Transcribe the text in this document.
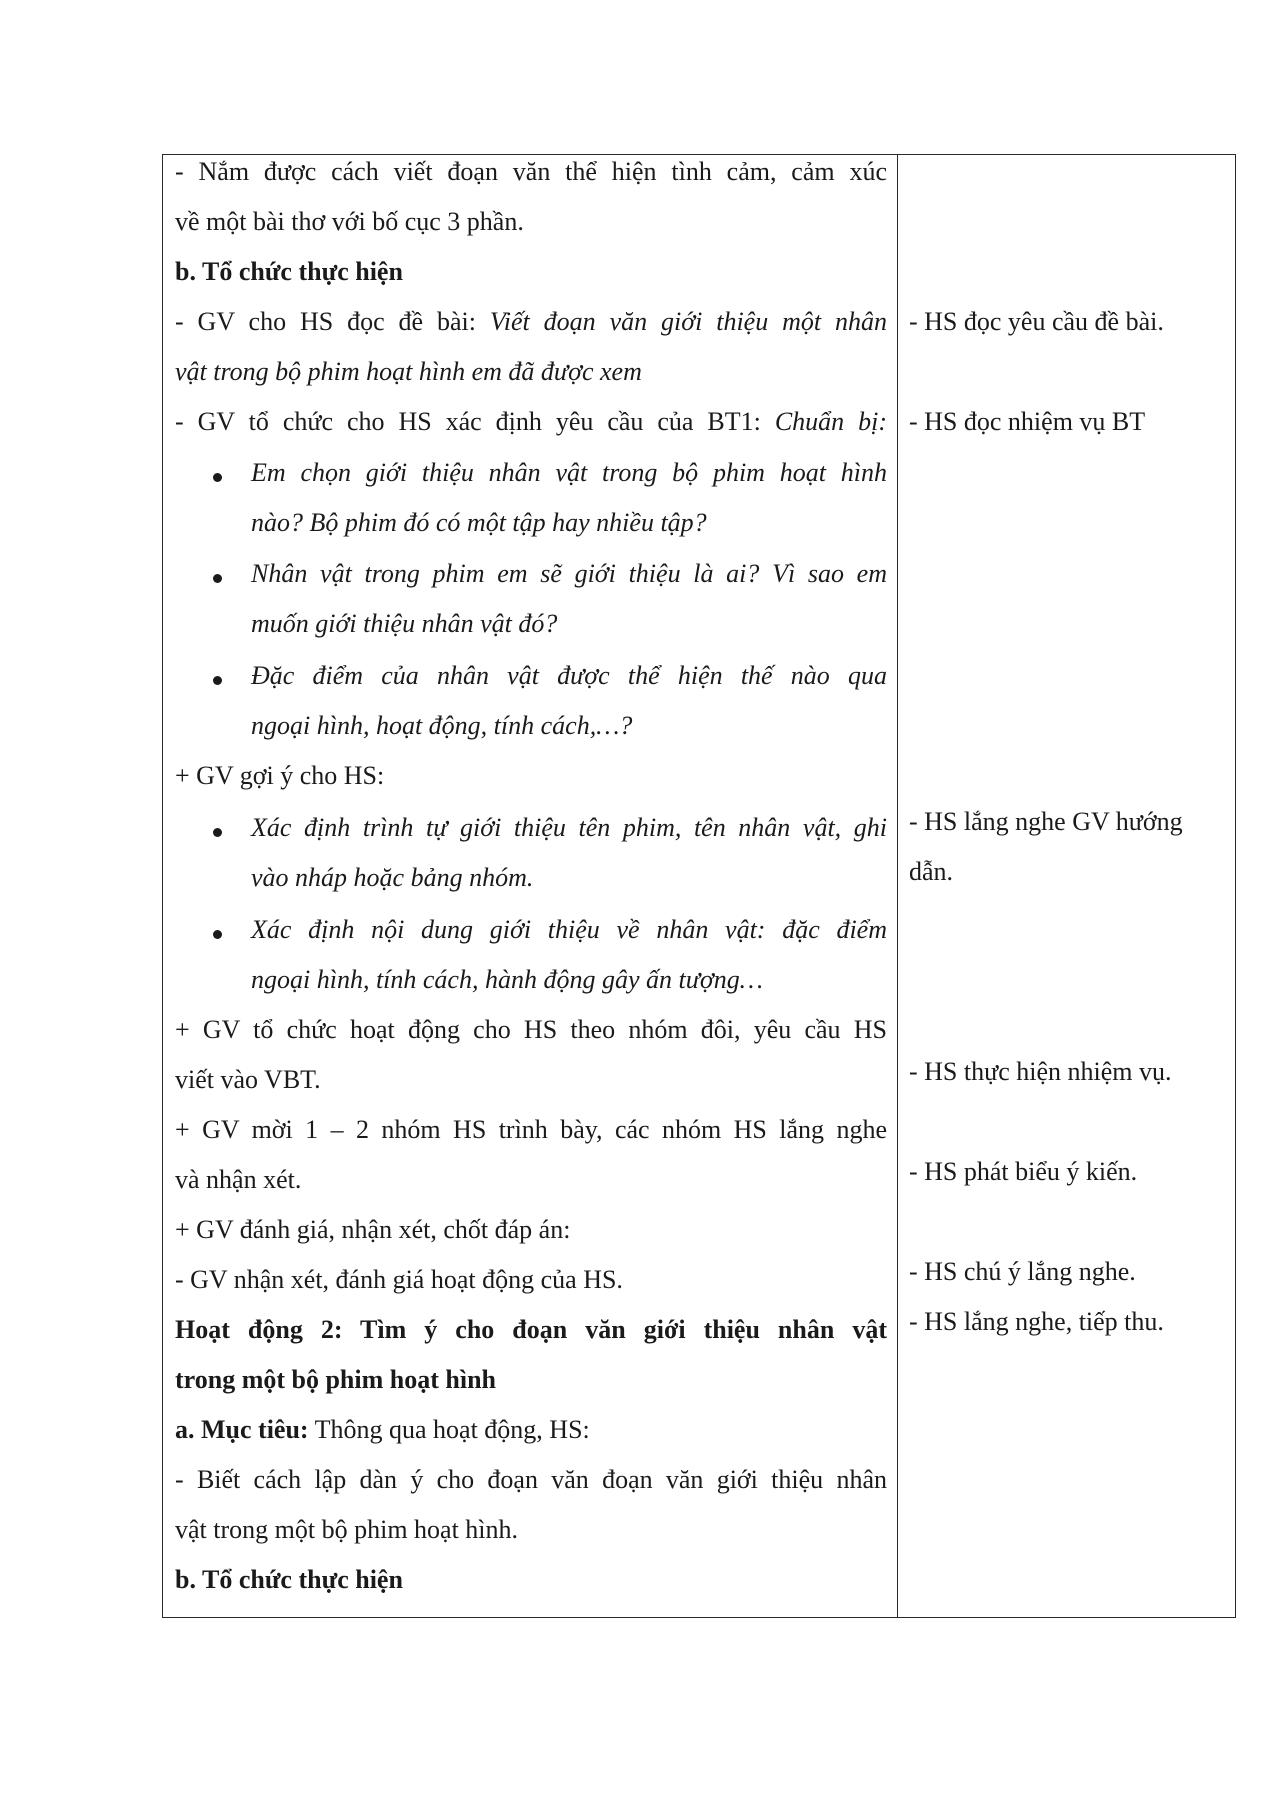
- Nắm được cách viết đoạn văn thể hiện tình cảm, cảm xúc
về một bài thơ với bố cục 3 phần.
b. Tổ chức thực hiện
- GV cho HS đọc đề bài: Viết đoạn văn giới thiệu một nhân
vật trong bộ phim hoạt hình em đã được xem
- GV tổ chức cho HS xác định yêu cầu của BT1: Chuẩn bị:
Em chọn giới thiệu nhân vật trong bộ phim hoạt hình
nào? Bộ phim đó có một tập hay nhiều tập?
Nhân vật trong phim em sẽ giới thiệu là ai? Vì sao em
muốn giới thiệu nhân vật đó?
Đặc điểm của nhân vật được thể hiện thế nào qua
ngoại hình, hoạt động, tính cách,…?
+ GV gợi ý cho HS:
Xác định trình tự giới thiệu tên phim, tên nhân vật, ghi
vào nháp hoặc bảng nhóm.
Xác định nội dung giới thiệu về nhân vật: đặc điểm
ngoại hình, tính cách, hành động gây ấn tượng…
+ GV tổ chức hoạt động cho HS theo nhóm đôi, yêu cầu HS
viết vào VBT.
+ GV mời 1 – 2 nhóm HS trình bày, các nhóm HS lắng nghe
và nhận xét.
+ GV đánh giá, nhận xét, chốt đáp án:
- GV nhận xét, đánh giá hoạt động của HS.
Hoạt động 2: Tìm ý cho đoạn văn giới thiệu nhân vật
trong một bộ phim hoạt hình
a. Mục tiêu: Thông qua hoạt động, HS:
- Biết cách lập dàn ý cho đoạn văn đoạn văn giới thiệu nhân
vật trong một bộ phim hoạt hình.
b. Tổ chức thực hiện
- HS đọc yêu cầu đề bài.
- HS đọc nhiệm vụ BT
- HS lắng nghe GV hướng
dẫn.
- HS thực hiện nhiệm vụ.
- HS phát biểu ý kiến.
- HS chú ý lắng nghe.
- HS lắng nghe, tiếp thu.
